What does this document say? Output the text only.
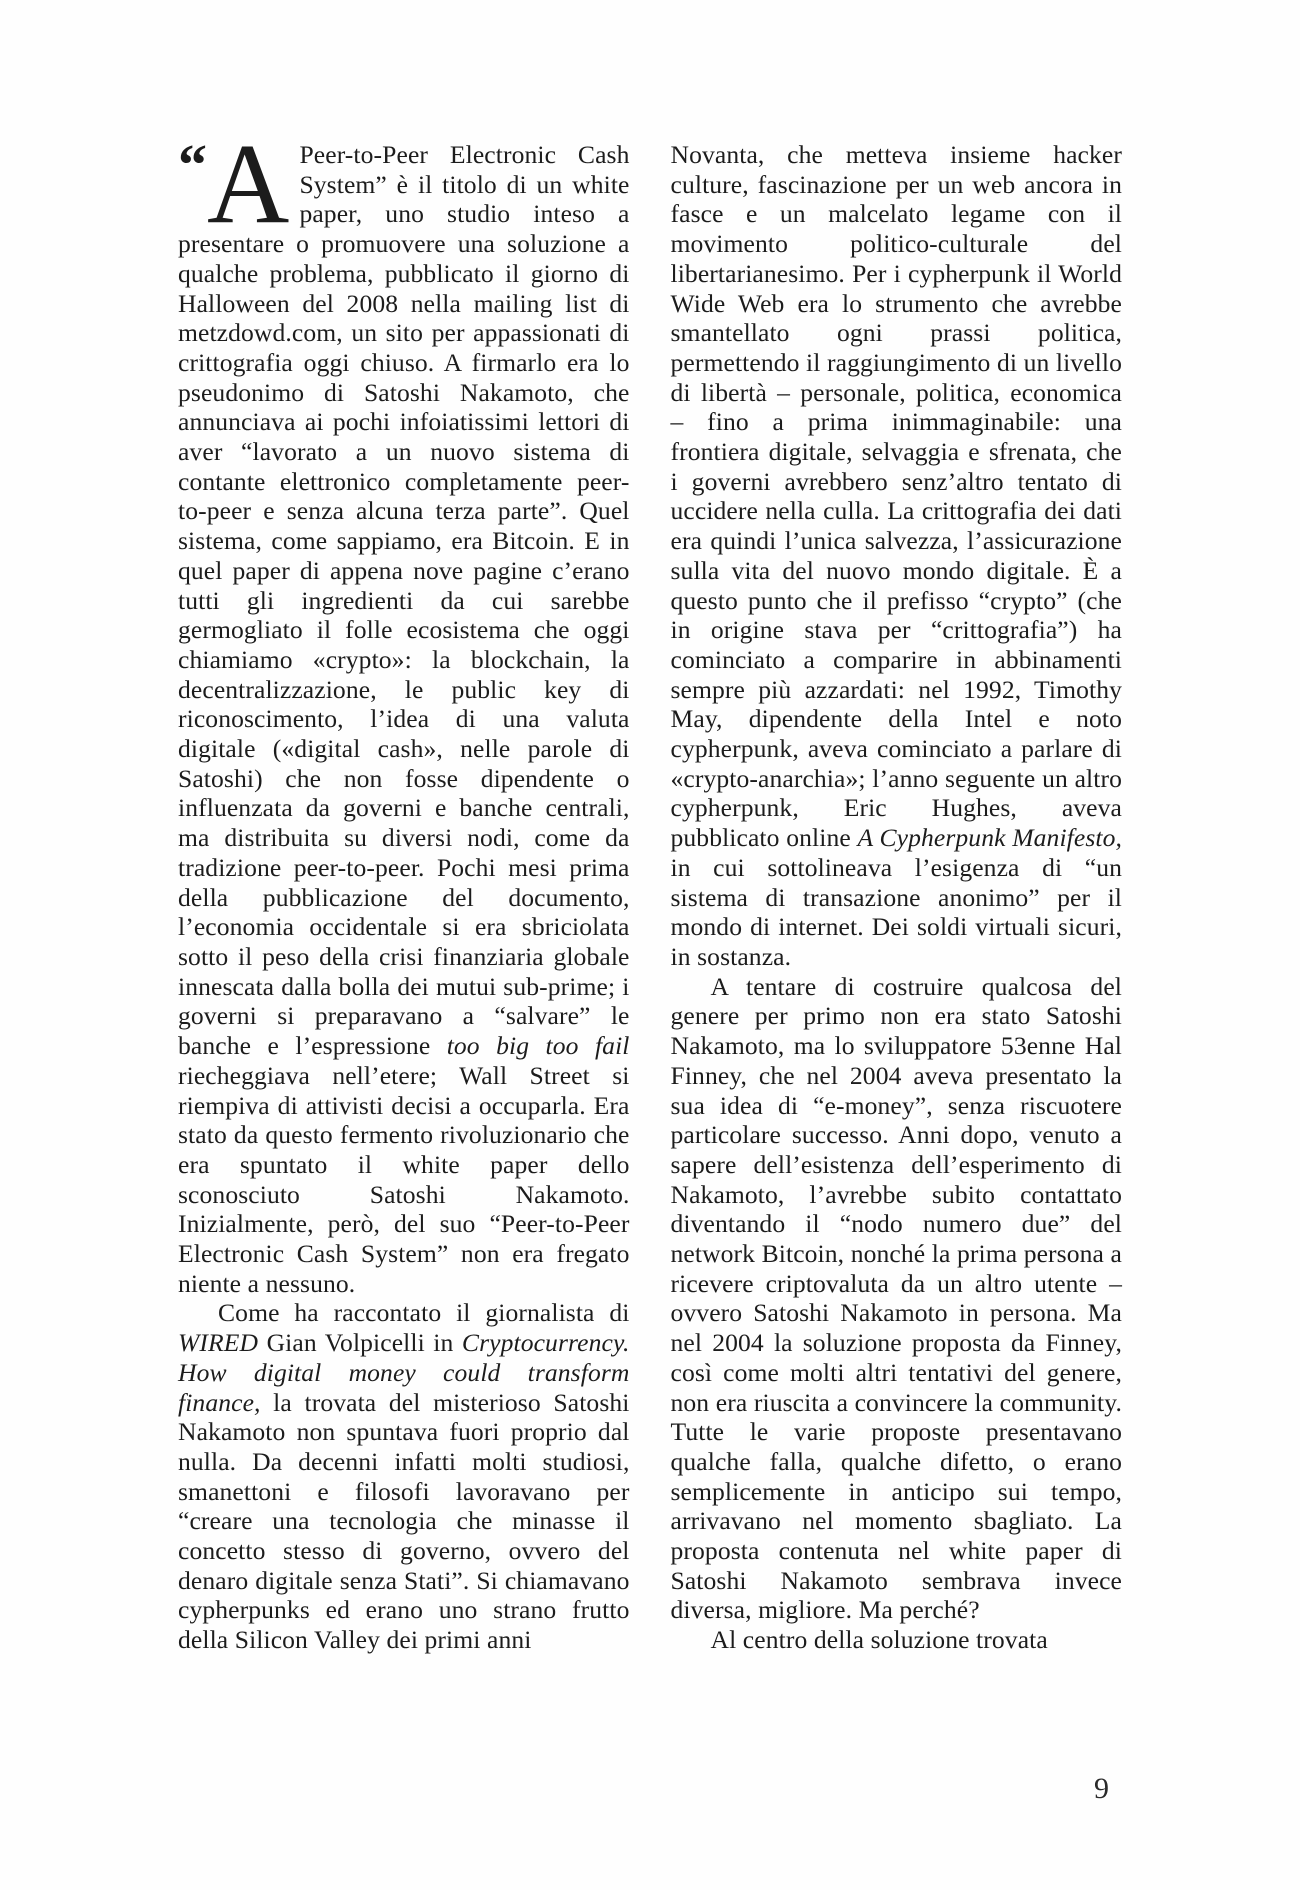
“ A Peer-to-Peer Electronic Cash System” è il titolo di un white paper, uno studio inteso a presentare o promuovere una soluzione a qualche problema, pubblicato il giorno di Halloween del 2008 nella mailing list di metzdowd.com, un sito per appassionati di crittografia oggi chiuso. A firmarlo era lo pseudonimo di Satoshi Nakamoto, che annunciava ai pochi infoiatissimi lettori di aver “lavorato a un nuovo sistema di contante elettronico completamente peer-to-peer e senza alcuna terza parte”. Quel sistema, come sappiamo, era Bitcoin. E in quel paper di appena nove pagine c’erano tutti gli ingredienti da cui sarebbe germogliato il folle ecosistema che oggi chiamiamo «crypto»: la blockchain, la decentralizzazione, le public key di riconoscimento, l’idea di una valuta digitale («digital cash», nelle parole di Satoshi) che non fosse dipendente o influenzata da governi e banche centrali, ma distribuita su diversi nodi, come da tradizione peer-to-peer. Pochi mesi prima della pubblicazione del documento, l’economia occidentale si era sbriciolata sotto il peso della crisi finanziaria globale innescata dalla bolla dei mutui sub-prime; i governi si preparavano a “salvare” le banche e l’espressione too big too fail riecheggiava nell’etere; Wall Street si riempiva di attivisti decisi a occuparla. Era stato da questo fermento rivoluzionario che era spuntato il white paper dello sconosciuto Satoshi Nakamoto. Inizialmente, però, del suo “Peer-to-Peer Electronic Cash System” non era fregato niente a nessuno.

Come ha raccontato il giornalista di WIRED Gian Volpicelli in Cryptocurrency. How digital money could transform finance, la trovata del misterioso Satoshi Nakamoto non spuntava fuori proprio dal nulla. Da decenni infatti molti studiosi, smanettoni e filosofi lavoravano per “creare una tecnologia che minasse il concetto stesso di governo, ovvero del denaro digitale senza Stati”. Si chiamavano cypherpunks ed erano uno strano frutto della Silicon Valley dei primi anni

Novanta, che metteva insieme hacker culture, fascinazione per un web ancora in fasce e un malcelato legame con il movimento politico-culturale del libertarianesimo. Per i cypherpunk il World Wide Web era lo strumento che avrebbe smantellato ogni prassi politica, permettendo il raggiungimento di un livello di libertà – personale, politica, economica – fino a prima inimmaginabile: una frontiera digitale, selvaggia e sfrenata, che i governi avrebbero senz’altro tentato di uccidere nella culla. La crittografia dei dati era quindi l’unica salvezza, l’assicurazione sulla vita del nuovo mondo digitale. È a questo punto che il prefisso “crypto” (che in origine stava per “crittografia”) ha cominciato a comparire in abbinamenti sempre più azzardati: nel 1992, Timothy May, dipendente della Intel e noto cypherpunk, aveva cominciato a parlare di «crypto-anarchia»; l’anno seguente un altro cypherpunk, Eric Hughes, aveva pubblicato online A Cypherpunk Manifesto, in cui sottolineava l’esigenza di “un sistema di transazione anonimo” per il mondo di internet. Dei soldi virtuali sicuri, in sostanza.

A tentare di costruire qualcosa del genere per primo non era stato Satoshi Nakamoto, ma lo sviluppatore 53enne Hal Finney, che nel 2004 aveva presentato la sua idea di “e-money”, senza riscuotere particolare successo. Anni dopo, venuto a sapere dell’esistenza dell’esperimento di Nakamoto, l’avrebbe subito contattato diventando il “nodo numero due” del network Bitcoin, nonché la prima persona a ricevere criptovaluta da un altro utente – ovvero Satoshi Nakamoto in persona. Ma nel 2004 la soluzione proposta da Finney, così come molti altri tentativi del genere, non era riuscita a convincere la community. Tutte le varie proposte presentavano qualche falla, qualche difetto, o erano semplicemente in anticipo sui tempo, arrivavano nel momento sbagliato. La proposta contenuta nel white paper di Satoshi Nakamoto sembrava invece diversa, migliore. Ma perché?

Al centro della soluzione trovata

9
